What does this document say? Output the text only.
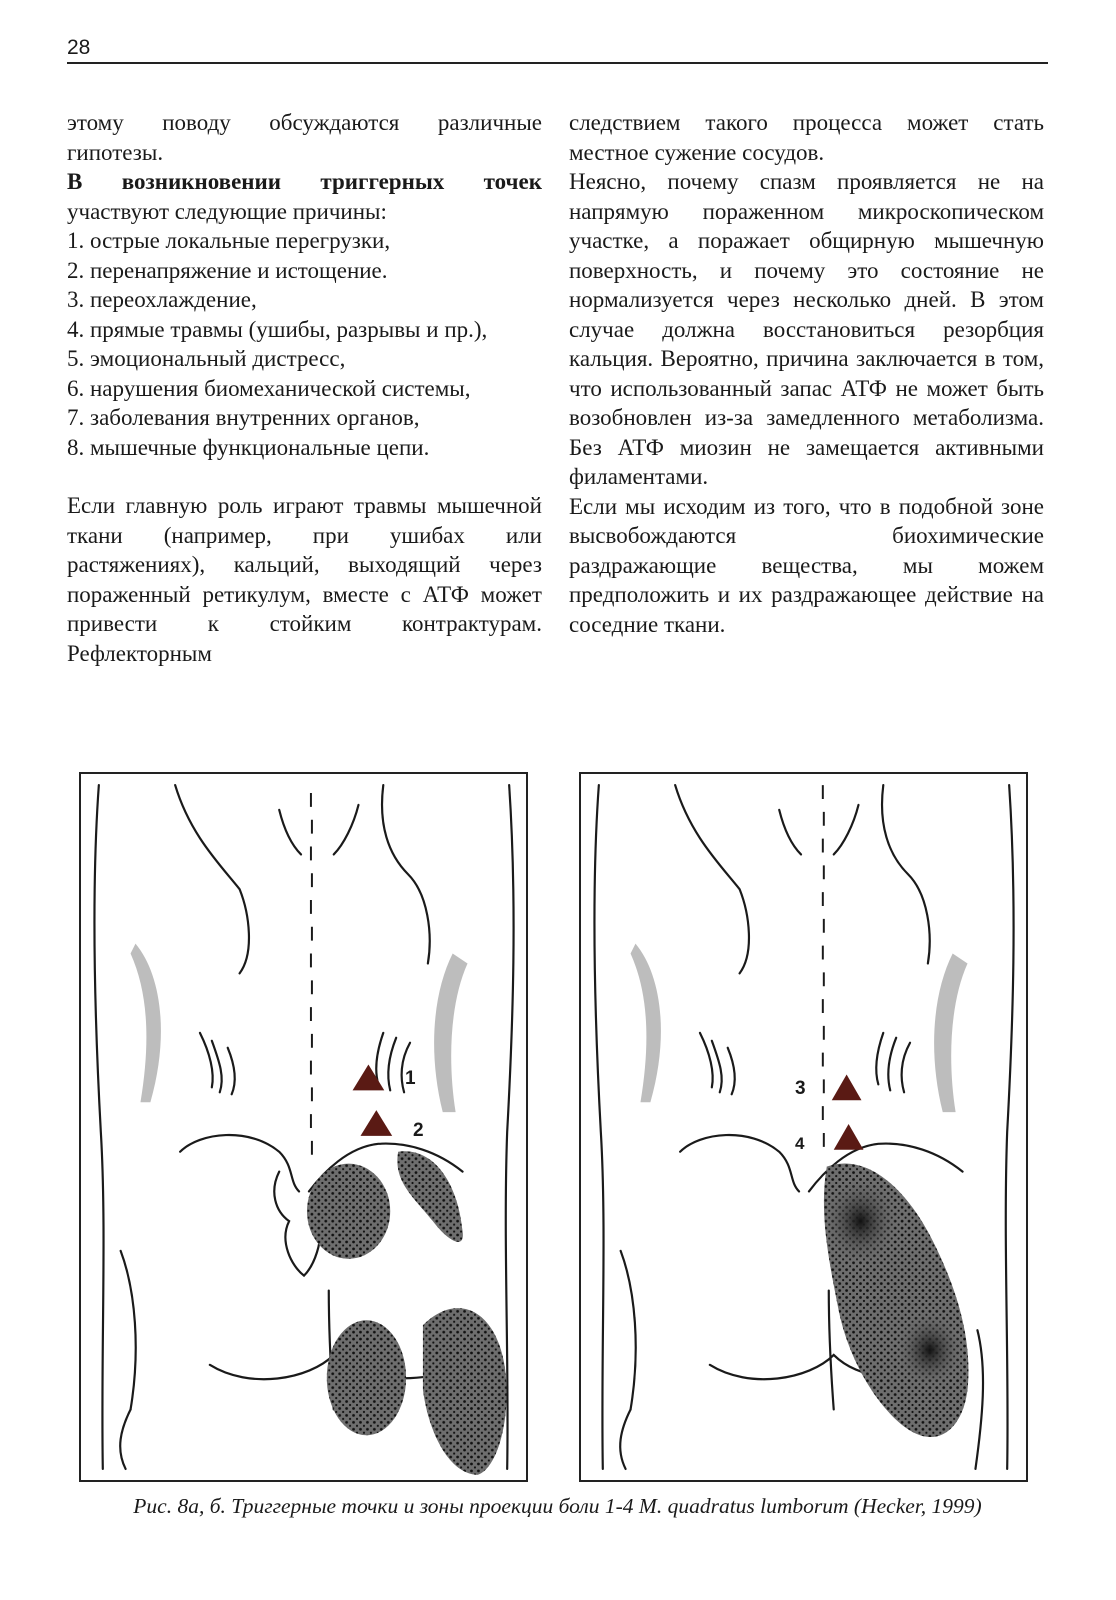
28

этому поводу обсуждаются различные гипотезы.

В возникновении триггерных точек участвуют следующие причины:

1. острые локальные перегрузки,
2. перенапряжение и истощение.
3. переохлаждение,
4. прямые травмы (ушибы, разрывы и пр.),
5. эмоциональный дистресс,
6. нарушения биомеханической системы,
7. заболевания внутренних органов,
8. мышечные функциональные цепи.

Если главную роль играют травмы мышечной ткани (например, при ушибах или растяжениях), кальций, выходящий через пораженный ретикулум, вместе с АТФ может привести к стойким контрактурам. Рефлекторным

следствием такого процесса может стать местное сужение сосудов.

Неясно, почему спазм проявляется не на напрямую пораженном микроскопическом участке, а поражает общирную мышечную поверхность, и почему это состояние не нормализуется через несколько дней. В этом случае должна восстановиться резорбция кальция. Вероятно, причина заключается в том, что использованный запас АТФ не может быть возобновлен из-за замедленного метаболизма. Без АТФ миозин не замещается активными филаментами.

Если мы исходим из того, что в подобной зоне высвобождаются биохимические раздражающие вещества, мы можем предположить и их раздражающее действие на соседние ткани.

1
2
3
4
Рис. 8а, б. Триггерные точки и зоны проекции боли 1-4 M. quadratus lumborum (Hecker, 1999)
